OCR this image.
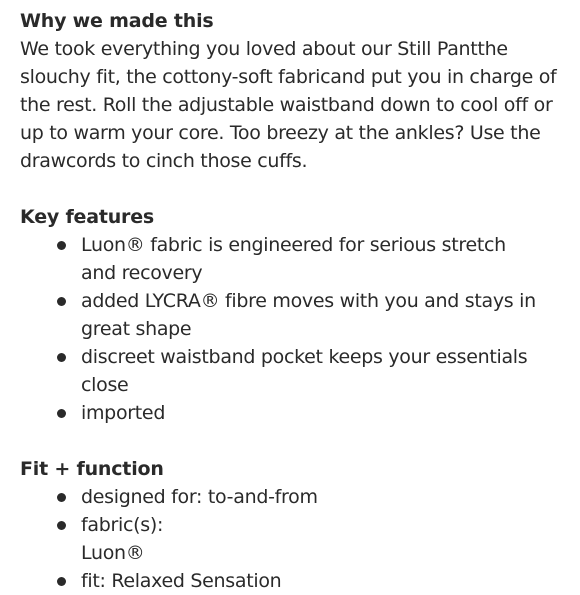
Why we made this

We took everything you loved about our Still Pantthe slouchy fit, the cottony-soft fabricand put you in charge of the rest. Roll the adjustable waistband down to cool off or up to warm your core. Too breezy at the ankles? Use the drawcords to cinch those cuffs.

Key features
Luon® fabric is engineered for serious stretch and recovery
added LYCRA® fibre moves with you and stays in great shape
discreet waistband pocket keeps your essentials close
imported
Fit + function
designed for: to-and-from
fabric(s):
Luon®
fit: Relaxed Sensation
